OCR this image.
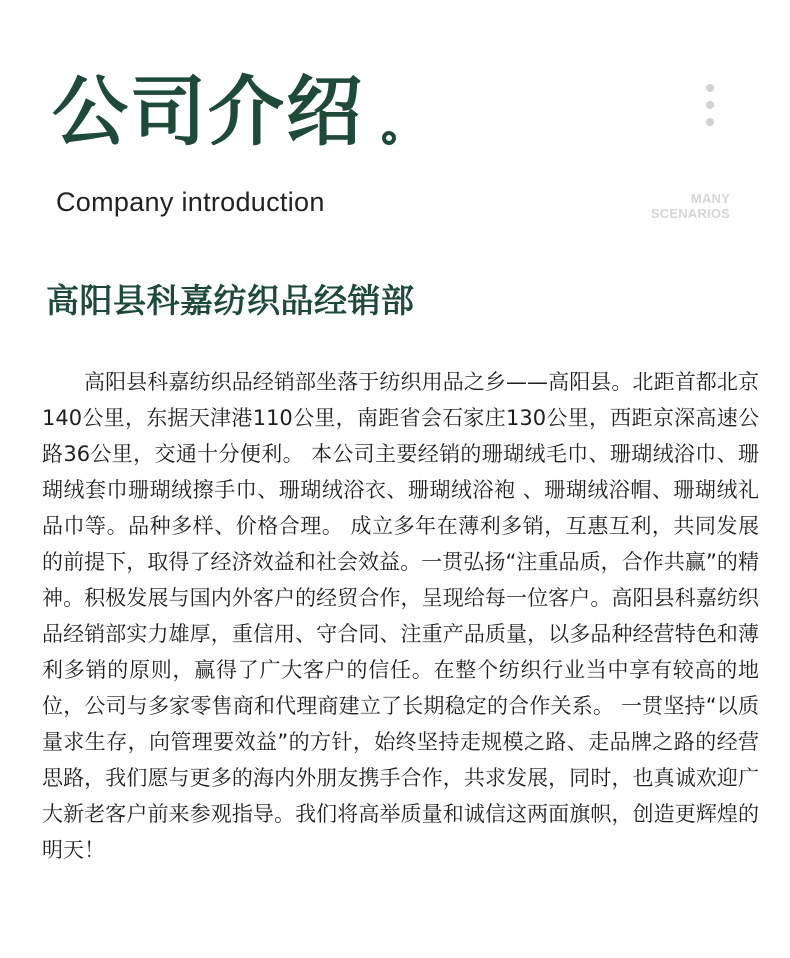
公司介绍
Company introduction	MANY SCENARIOS
高阳县科嘉纺织品经销部
高阳县科嘉纺织品经销部坐落于纺织用品之乡——高阳县。北距首都北京140公里，东据天津港110公里，南距省会石家庄130公里，西距京深高速公路36公里，交通十分便利。 本公司主要经销的珊瑚绒毛巾、珊瑚绒浴巾、珊瑚绒套巾珊瑚绒擦手巾、珊瑚绒浴衣、珊瑚绒浴袍 、珊瑚绒浴帽、珊瑚绒礼品巾等。品种多样、价格合理。 成立多年在薄利多销，互惠互利，共同发展的前提下，取得了经济效益和社会效益。一贯弘扬“注重品质，合作共赢”的精神。积极发展与国内外客户的经贸合作，呈现给每一位客户。高阳县科嘉纺织品经销部实力雄厚，重信用、守合同、注重产品质量，以多品种经营特色和薄利多销的原则，赢得了广大客户的信任。在整个纺织行业当中享有较高的地位，公司与多家零售商和代理商建立了长期稳定的合作关系。 一贯坚持“以质量求生存，向管理要效益”的方针，始终坚持走规模之路、走品牌之路的经营思路，我们愿与更多的海内外朋友携手合作，共求发展，同时，也真诚欢迎广大新老客户前来参观指导。我们将高举质量和诚信这两面旗帜，创造更辉煌的明天！
